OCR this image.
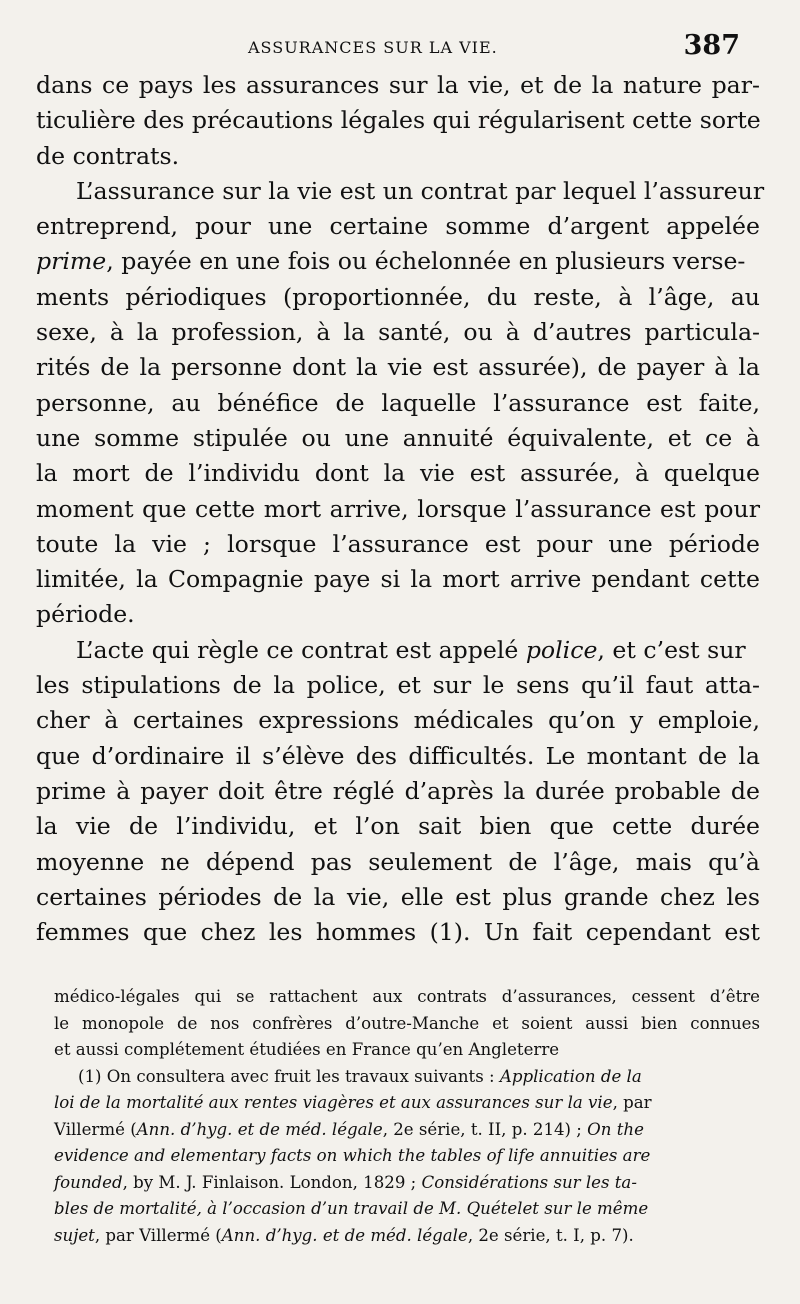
ASSURANCES SUR LA VIE.	387

dans ce pays les assurances sur la vie, et de la nature par-
ticulière des précautions légales qui régularisent cette sorte
de contrats.

L’assurance sur la vie est un contrat par lequel l’assureur
entreprend, pour une certaine somme d’argent appelée
prime, payée en une fois ou échelonnée en plusieurs verse-
ments périodiques (proportionnée, du reste, à l’âge, au
sexe, à la profession, à la santé, ou à d’autres particula-
rités de la personne dont la vie est assurée), de payer à la
personne, au bénéfice de laquelle l’assurance est faite,
une somme stipulée ou une annuité équivalente, et ce à
la mort de l’individu dont la vie est assurée, à quelque
moment que cette mort arrive, lorsque l’assurance est pour
toute la vie ; lorsque l’assurance est pour une période
limitée, la Compagnie paye si la mort arrive pendant cette
période.

L’acte qui règle ce contrat est appelé police, et c’est sur
les stipulations de la police, et sur le sens qu’il faut atta-
cher à certaines expressions médicales qu’on y emploie,
que d’ordinaire il s’élève des difficultés. Le montant de la
prime à payer doit être réglé d’après la durée probable de
la vie de l’individu, et l’on sait bien que cette durée
moyenne ne dépend pas seulement de l’âge, mais qu’à
certaines périodes de la vie, elle est plus grande chez les
femmes que chez les hommes (1). Un fait cependant est

médico-légales qui se rattachent aux contrats d’assurances, cessent d’être
le monopole de nos confrères d’outre-Manche et soient aussi bien connues
et aussi complétement étudiées en France qu’en Angleterre

(1) On consultera avec fruit les travaux suivants : Application de la
loi de la mortalité aux rentes viagères et aux assurances sur la vie, par
Villermé (Ann. d’hyg. et de méd. légale, 2e série, t. II, p. 214) ; On the
evidence and elementary facts on which the tables of life annuities are
founded, by M. J. Finlaison. London, 1829 ; Considérations sur les ta-
bles de mortalité, à l’occasion d’un travail de M. Quételet sur le même
sujet, par Villermé (Ann. d’hyg. et de méd. légale, 2e série, t. I, p. 7).
